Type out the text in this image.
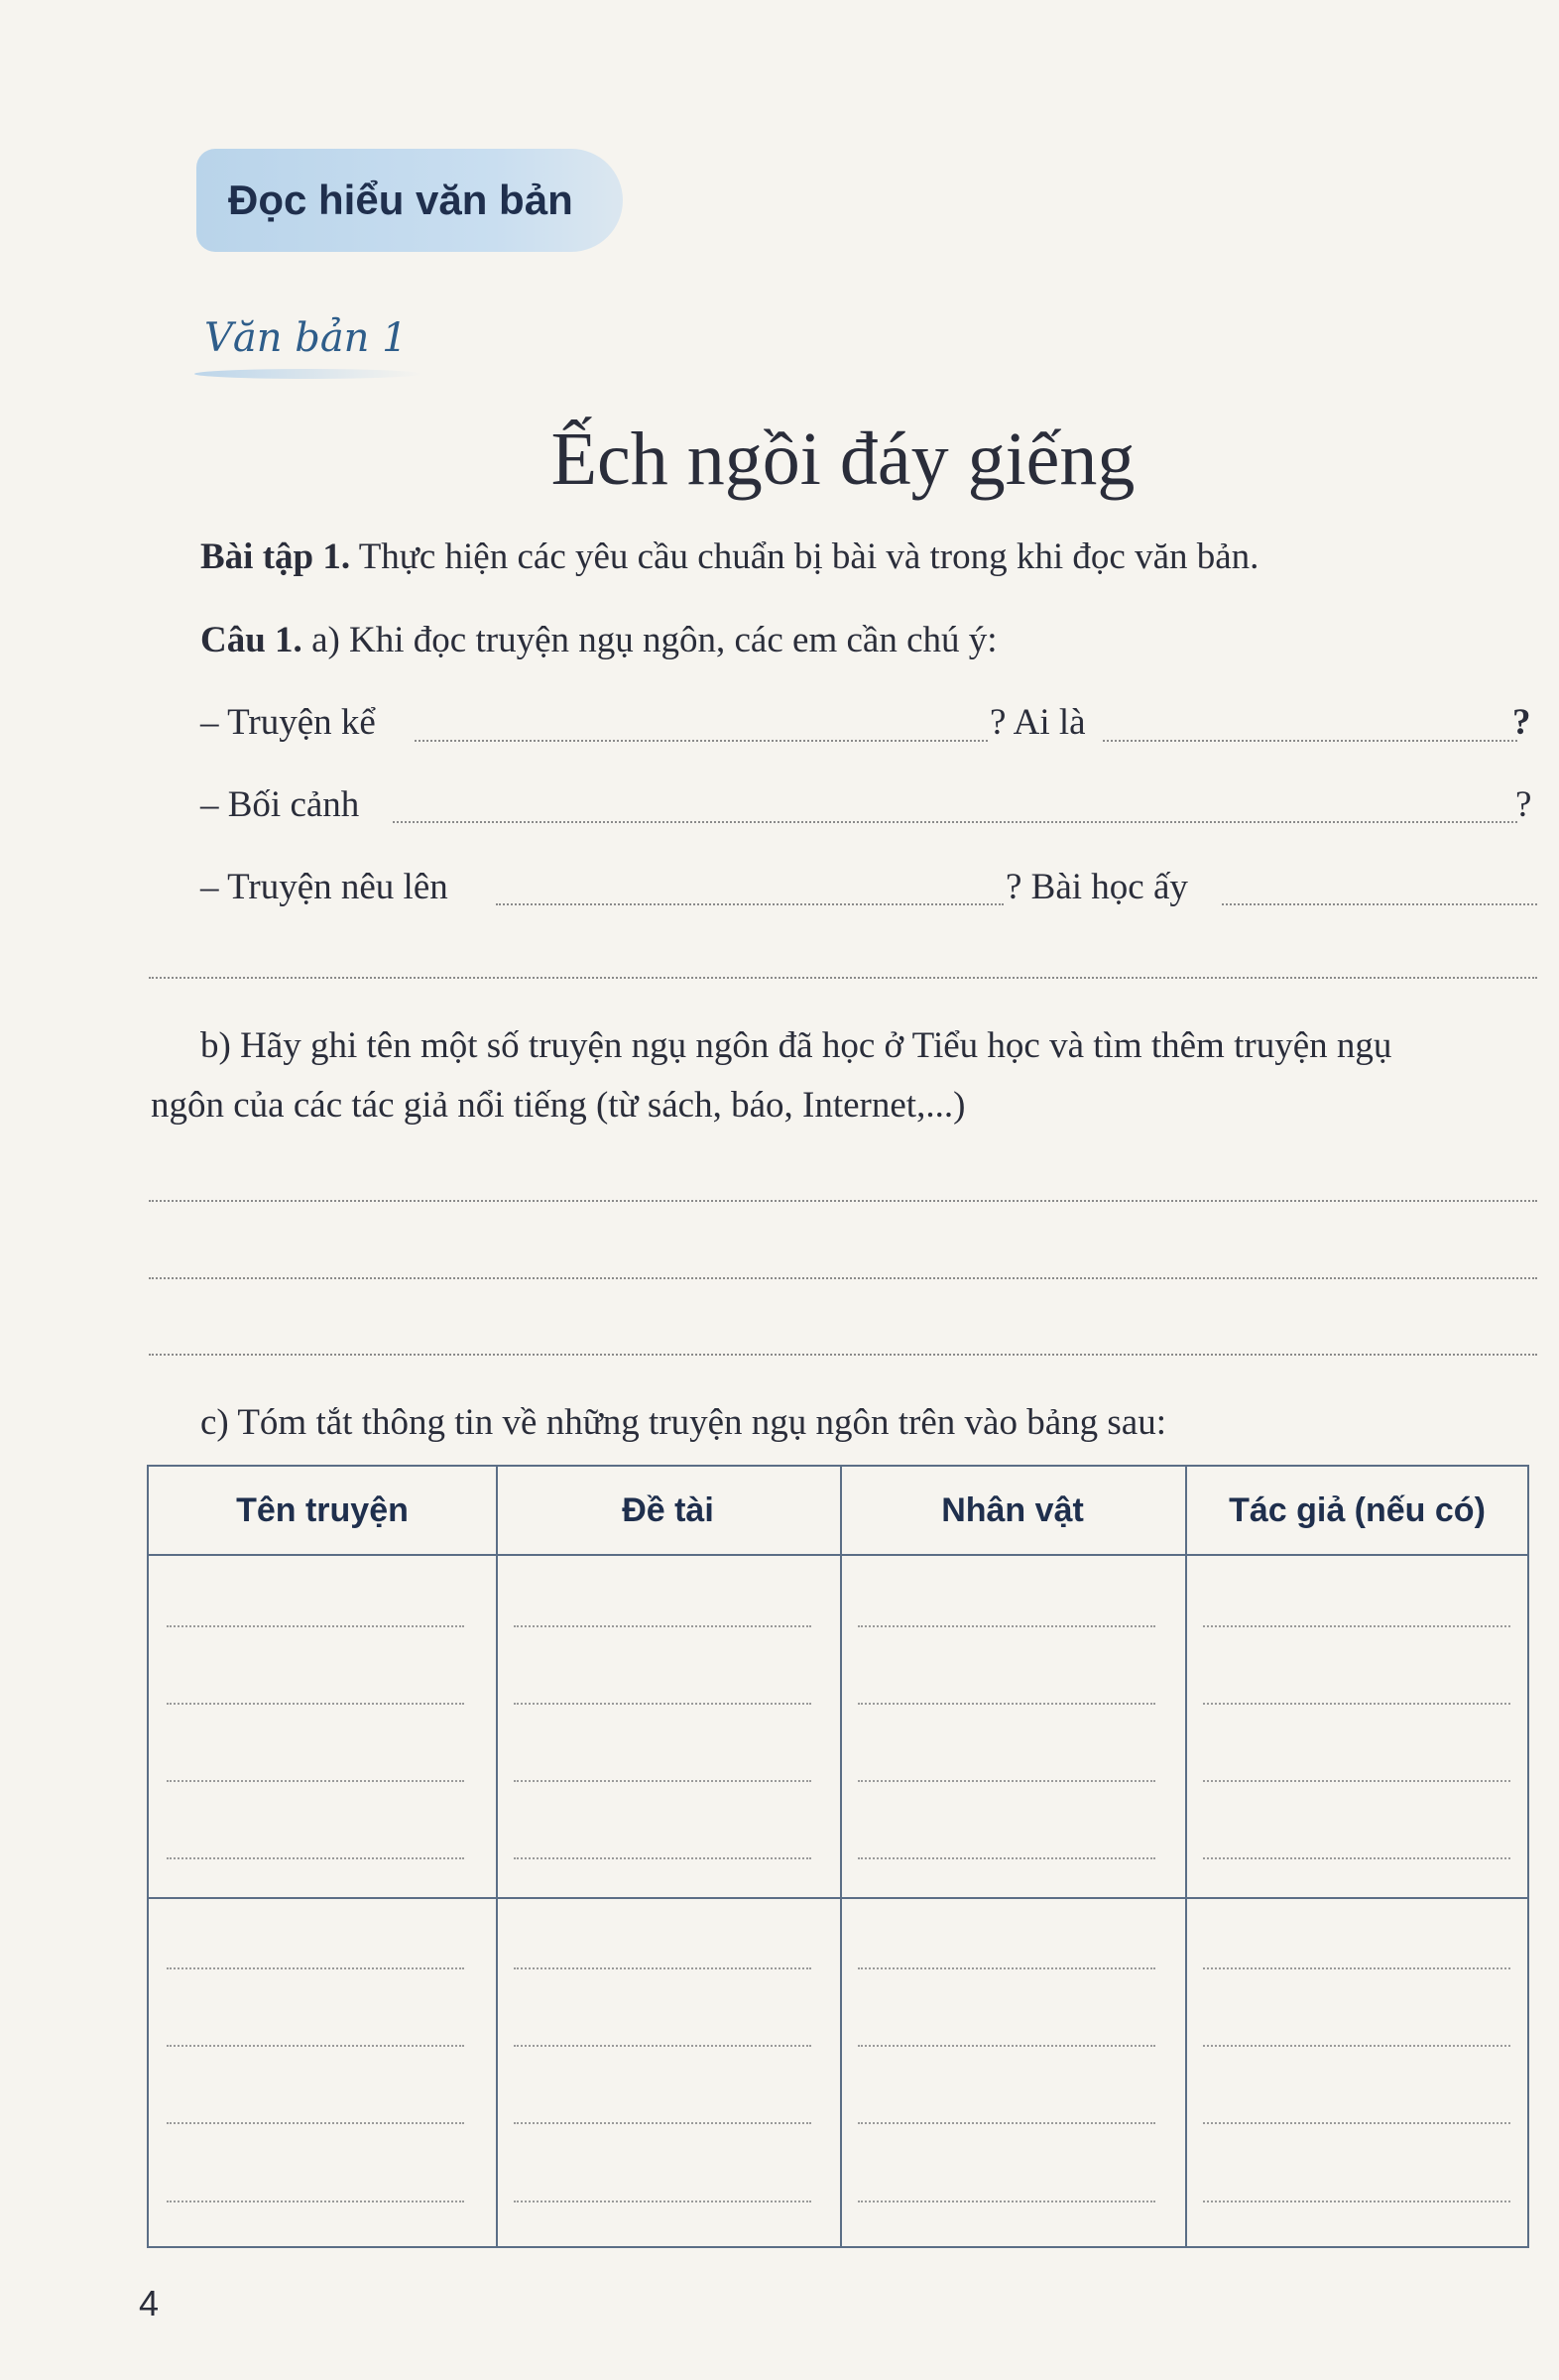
Đọc hiểu văn bản
Văn bản 1
Ếch ngồi đáy giếng
Bài tập 1. Thực hiện các yêu cầu chuẩn bị bài và trong khi đọc văn bản.
Câu 1. a) Khi đọc truyện ngụ ngôn, các em cần chú ý:
– Truyện kể	? Ai là	?
– Bối cảnh	?
– Truyện nêu lên	? Bài học ấy
b) Hãy ghi tên một số truyện ngụ ngôn đã học ở Tiểu học và tìm thêm truyện ngụ
ngôn của các tác giả nổi tiếng (từ sách, báo, Internet,...)
c) Tóm tắt thông tin về những truyện ngụ ngôn trên vào bảng sau:
Tên truyện	Đề tài	Nhân vật	Tác giả (nếu có)
4
